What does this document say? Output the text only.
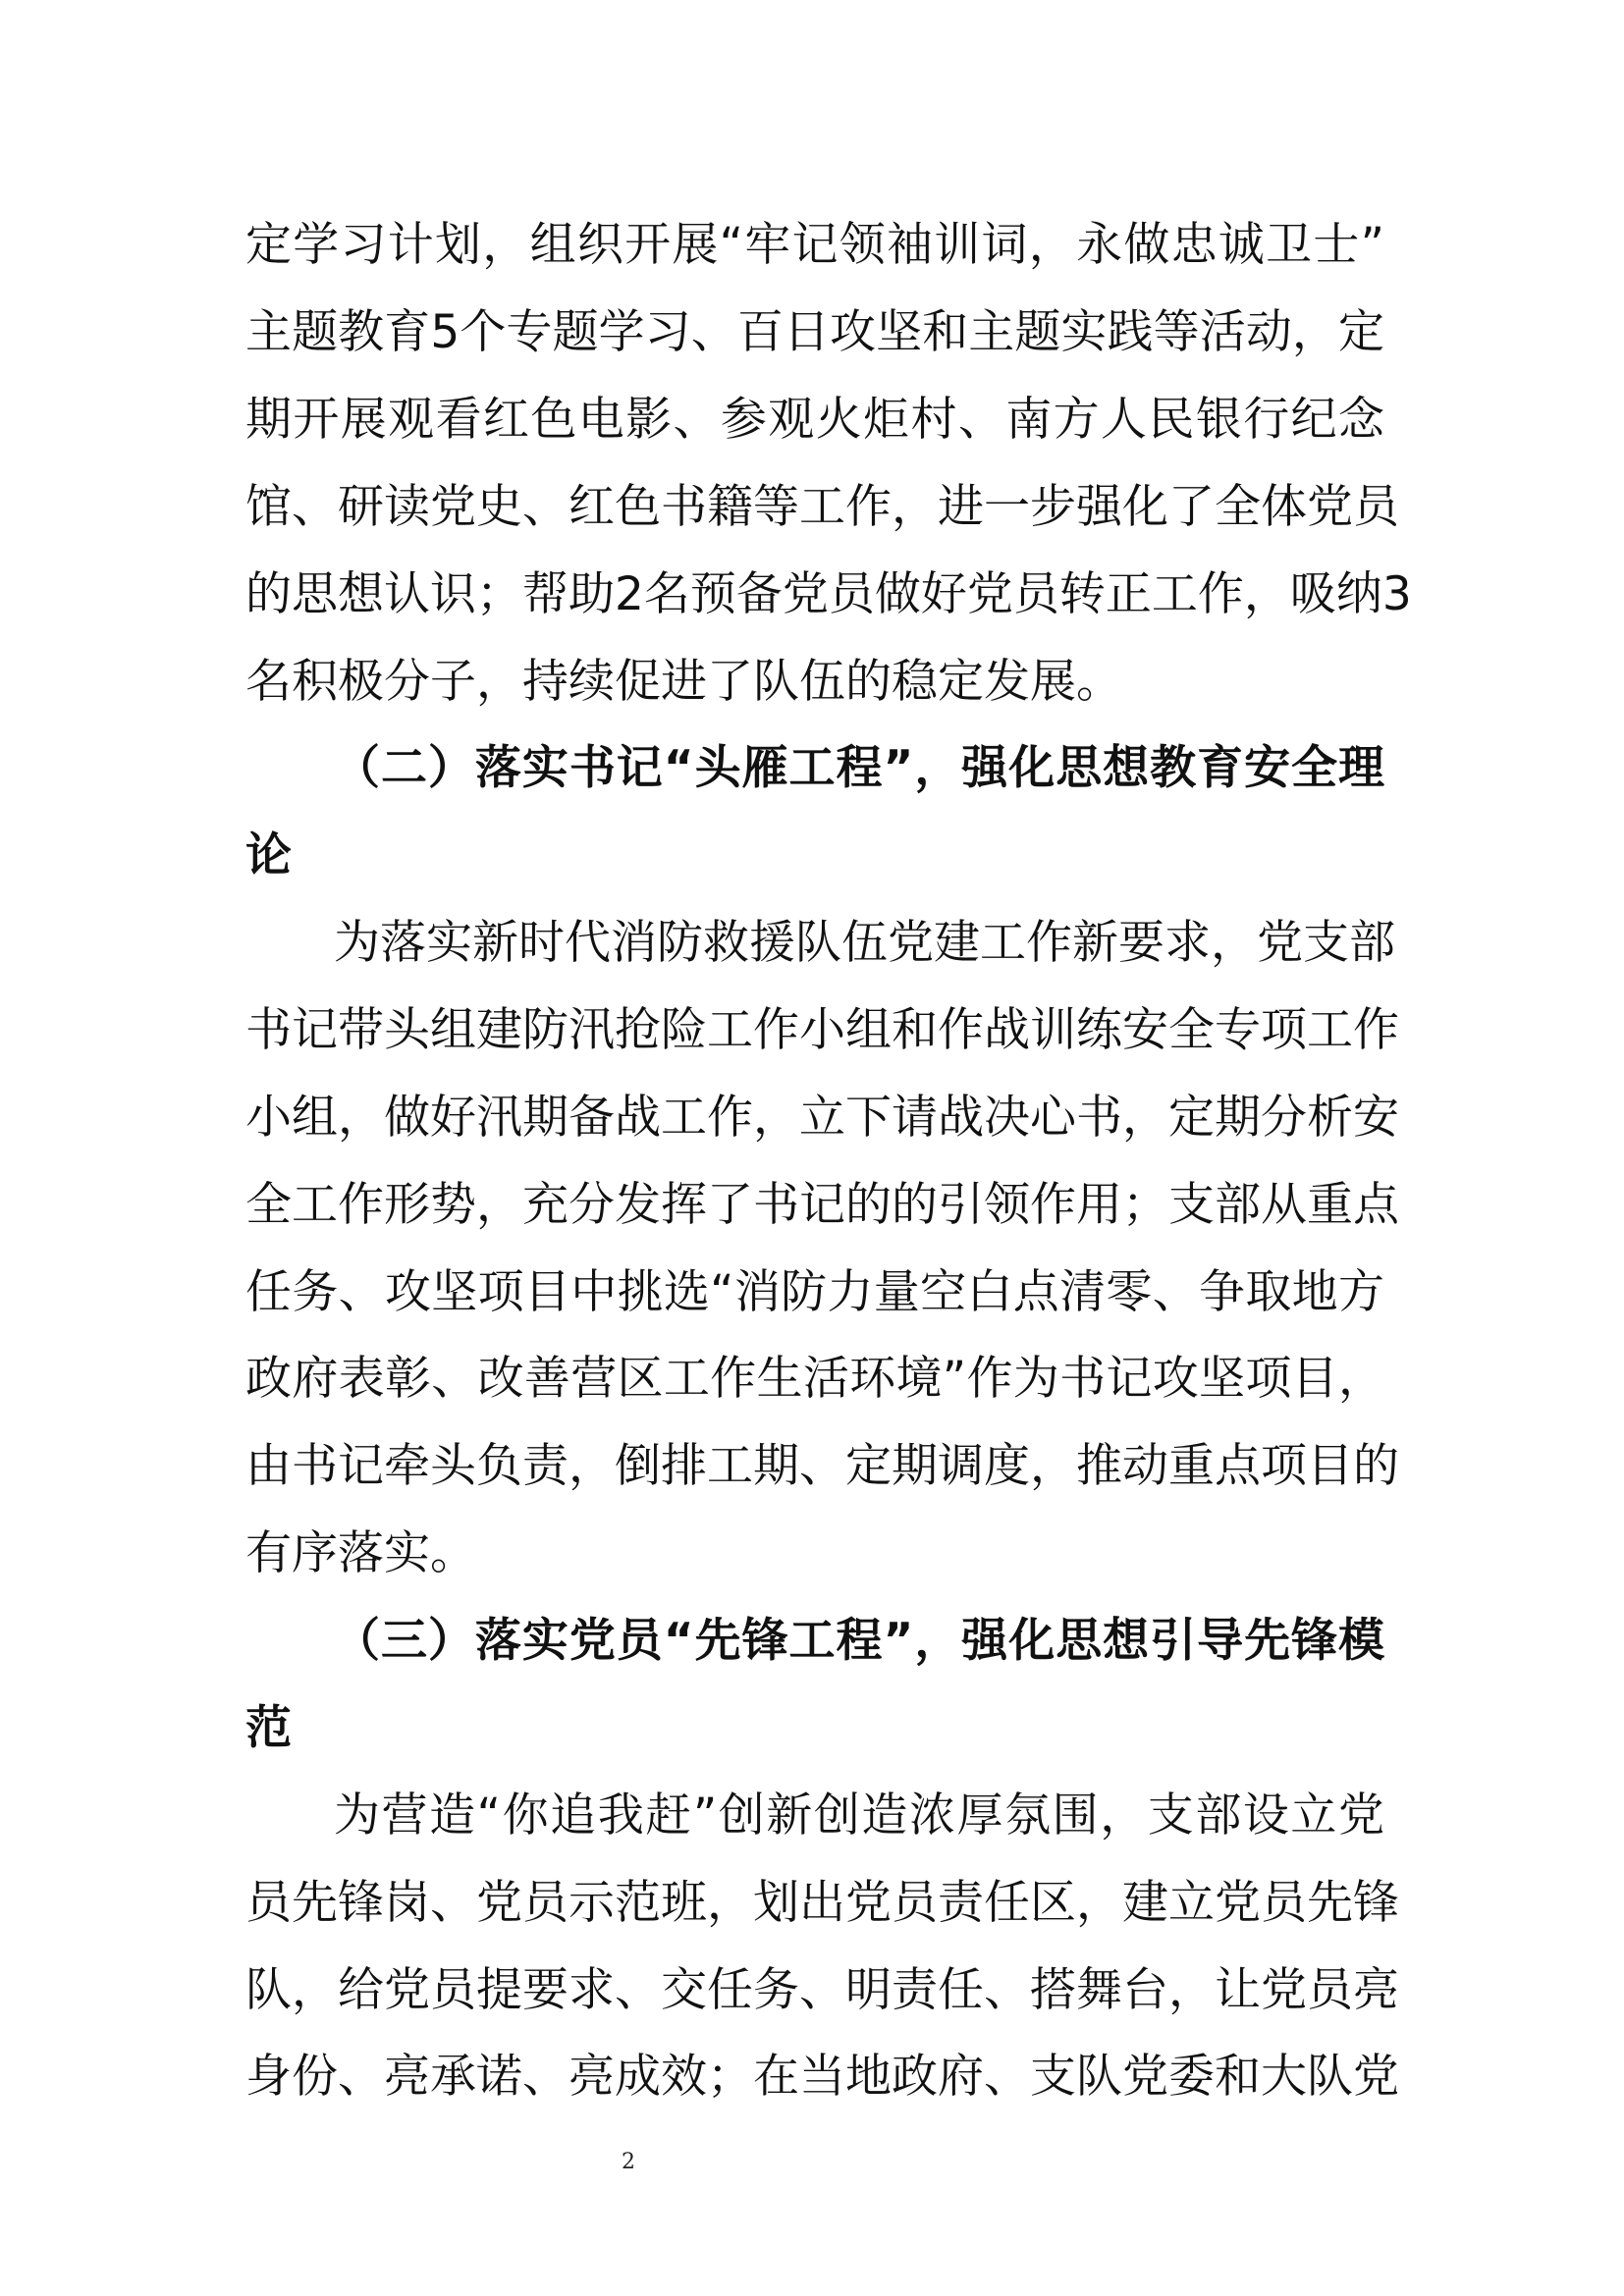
定学习计划，组织开展“牢记领袖训词，永做忠诚卫士”
主题教育5个专题学习、百日攻坚和主题实践等活动，定
期开展观看红色电影、参观火炬村、南方人民银行纪念
馆、研读党史、红色书籍等工作，进一步强化了全体党员
的思想认识；帮助2名预备党员做好党员转正工作，吸纳3
名积极分子，持续促进了队伍的稳定发展。
（二）落实书记“头雁工程”，强化思想教育安全理
论
为落实新时代消防救援队伍党建工作新要求，党支部
书记带头组建防汛抢险工作小组和作战训练安全专项工作
小组，做好汛期备战工作，立下请战决心书，定期分析安
全工作形势，充分发挥了书记的的引领作用；支部从重点
任务、攻坚项目中挑选“消防力量空白点清零、争取地方
政府表彰、改善营区工作生活环境”作为书记攻坚项目，
由书记牵头负责，倒排工期、定期调度，推动重点项目的
有序落实。
（三）落实党员“先锋工程”，强化思想引导先锋模
范
为营造“你追我赶”创新创造浓厚氛围，支部设立党
员先锋岗、党员示范班，划出党员责任区，建立党员先锋
队，给党员提要求、交任务、明责任、搭舞台，让党员亮
身份、亮承诺、亮成效；在当地政府、支队党委和大队党
2
